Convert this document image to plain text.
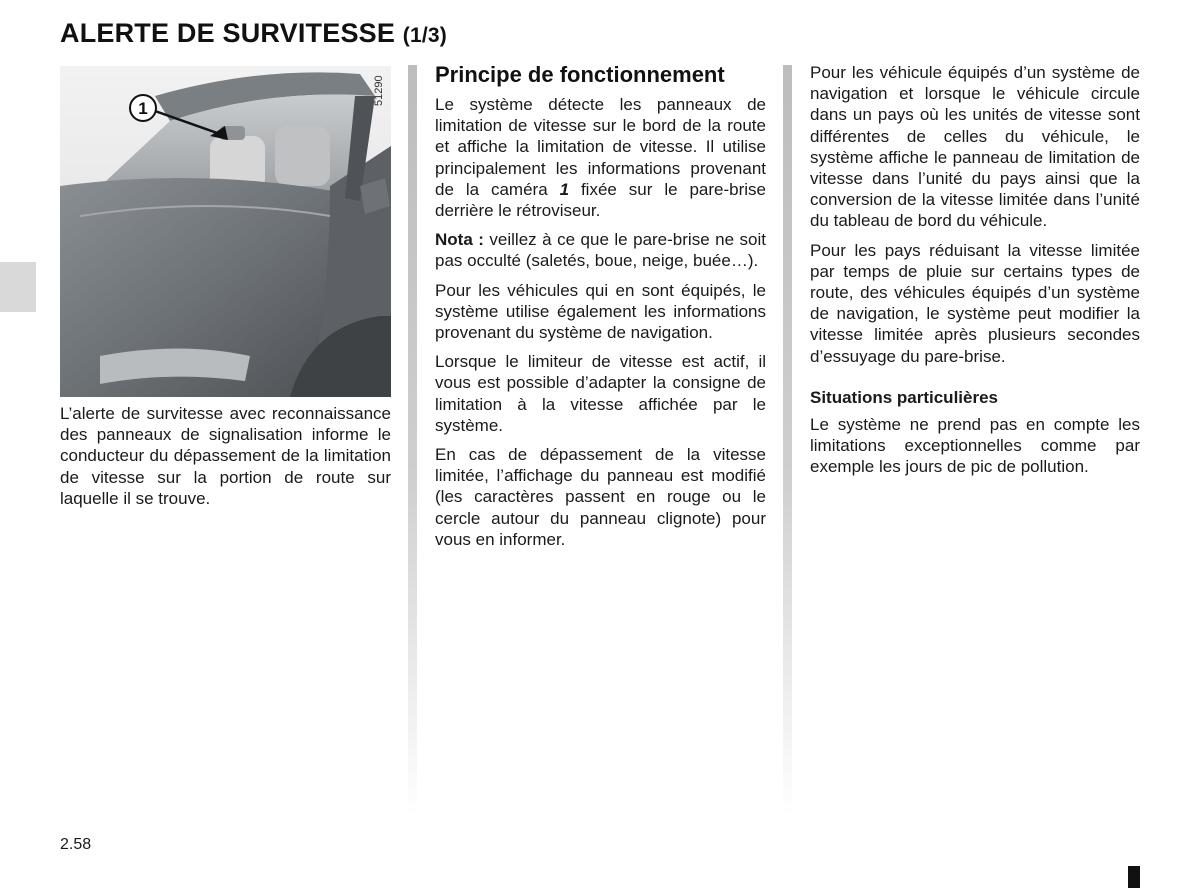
ALERTE DE SURVITESSE (1/3)
1
51290

L’alerte de survitesse avec reconnaissance des panneaux de signalisation informe le conducteur du dépassement de la limitation de vitesse sur la portion de route sur laquelle il se trouve.

Principe de fonctionnement

Le système détecte les panneaux de limitation de vitesse sur le bord de la route et affiche la limitation de vitesse. Il utilise principalement les informations provenant de la caméra 1 fixée sur le pare-brise derrière le rétroviseur.

Nota : veillez à ce que le pare-brise ne soit pas occulté (saletés, boue, neige, buée…).

Pour les véhicules qui en sont équipés, le système utilise également les informations provenant du système de navigation.

Lorsque le limiteur de vitesse est actif, il vous est possible d’adapter la consigne de limitation à la vitesse affichée par le système.

En cas de dépassement de la vitesse limitée, l’affichage du panneau est modifié (les caractères passent en rouge ou le cercle autour du panneau clignote) pour vous en informer.

Pour les véhicule équipés d’un système de navigation et lorsque le véhicule circule dans un pays où les unités de vitesse sont différentes de celles du véhicule, le système affiche le panneau de limitation de vitesse dans l’unité du pays ainsi que la conversion de la vitesse limitée dans l’unité du tableau de bord du véhicule.

Pour les pays réduisant la vitesse limitée par temps de pluie sur certains types de route, des véhicules équipés d’un système de navigation, le système peut modifier la vitesse limitée après plusieurs secondes d’essuyage du pare-brise.

Situations particulières

Le système ne prend pas en compte les limitations exceptionnelles comme par exemple les jours de pic de pollution.

2.58
